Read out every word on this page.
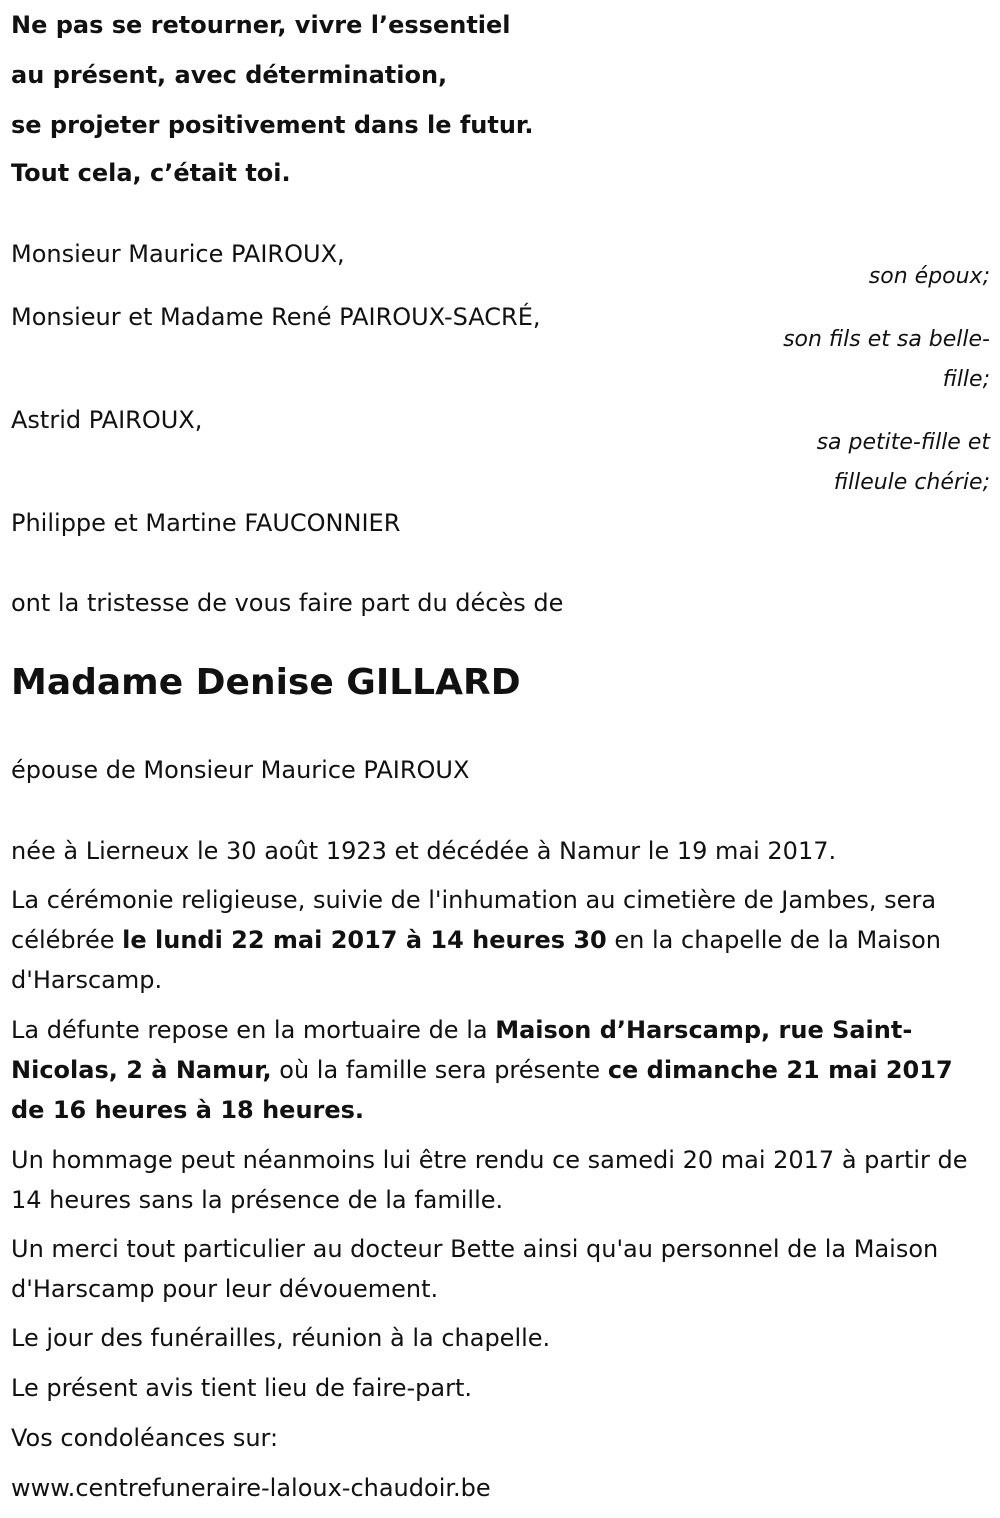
Ne pas se retourner, vivre l’essentiel
au présent, avec détermination,
se projeter positivement dans le futur.
Tout cela, c’était toi.
Monsieur Maurice PAIROUX,
son époux;
Monsieur et Madame René PAIROUX-SACRÉ,
son fils et sa belle-
fille;
Astrid PAIROUX,
sa petite-fille et
filleule chérie;
Philippe et Martine FAUCONNIER
ont la tristesse de vous faire part du décès de
Madame Denise GILLARD
épouse de Monsieur Maurice PAIROUX
née à Lierneux le 30 août 1923 et décédée à Namur le 19 mai 2017.
La cérémonie religieuse, suivie de l'inhumation au cimetière de Jambes, sera célébrée le lundi 22 mai 2017 à 14 heures 30 en la chapelle de la Maison d'Harscamp.
La défunte repose en la mortuaire de la Maison d’Harscamp, rue Saint-Nicolas, 2 à Namur, où la famille sera présente ce dimanche 21 mai 2017 de 16 heures à 18 heures.
Un hommage peut néanmoins lui être rendu ce samedi 20 mai 2017 à partir de 14 heures sans la présence de la famille.
Un merci tout particulier au docteur Bette ainsi qu'au personnel de la Maison d'Harscamp pour leur dévouement.
Le jour des funérailles, réunion à la chapelle.
Le présent avis tient lieu de faire-part.
Vos condoléances sur:
www.centrefuneraire-laloux-chaudoir.be
